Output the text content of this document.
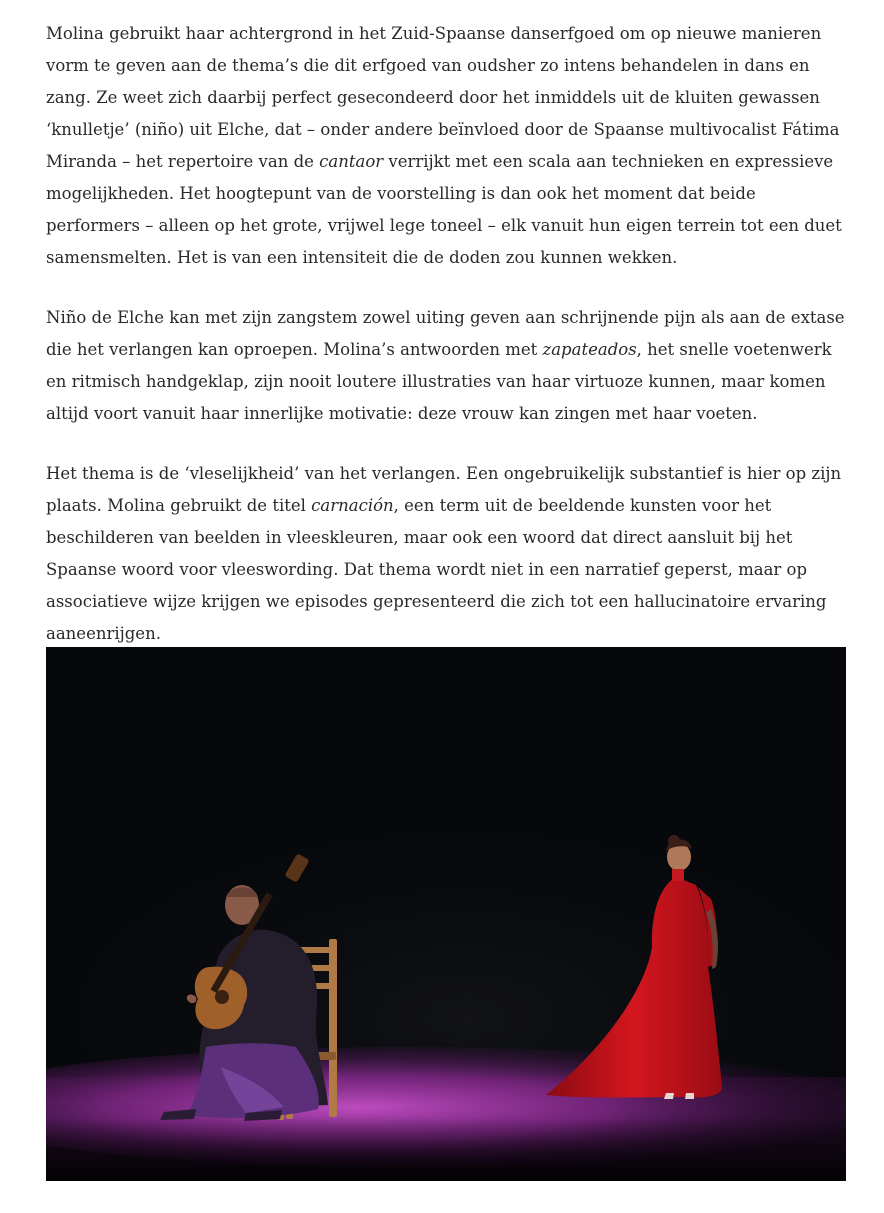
Molina gebruikt haar achtergrond in het Zuid-Spaanse danserfgoed om op nieuwe manieren vorm te geven aan de thema’s die dit erfgoed van oudsher zo intens behandelen in dans en zang. Ze weet zich daarbij perfect gesecondeerd door het inmiddels uit de kluiten gewassen ‘knulletje’ (niño) uit Elche, dat – onder andere beïnvloed door de Spaanse multivocalist Fátima Miranda – het repertoire van de cantaor verrijkt met een scala aan technieken en expressieve mogelijkheden. Het hoogtepunt van de voorstelling is dan ook het moment dat beide performers – alleen op het grote, vrijwel lege toneel – elk vanuit hun eigen terrein tot een duet samensmelten. Het is van een intensiteit die de doden zou kunnen wekken.

Niño de Elche kan met zijn zangstem zowel uiting geven aan schrijnende pijn als aan de extase die het verlangen kan oproepen. Molina’s antwoorden met zapateados, het snelle voetenwerk en ritmisch handgeklap, zijn nooit loutere illustraties van haar virtuoze kunnen, maar komen altijd voort vanuit haar innerlijke motivatie: deze vrouw kan zingen met haar voeten.

Het thema is de ‘vleselijkheid’ van het verlangen. Een ongebruikelijk substantief is hier op zijn plaats. Molina gebruikt de titel carnación, een term uit de beeldende kunsten voor het beschilderen van beelden in vleeskleuren, maar ook een woord dat direct aansluit bij het Spaanse woord voor vleeswording. Dat thema wordt niet in een narratief geperst, maar op associatieve wijze krijgen we episodes gepresenteerd die zich tot een hallucinatoire ervaring aaneenrijgen.
